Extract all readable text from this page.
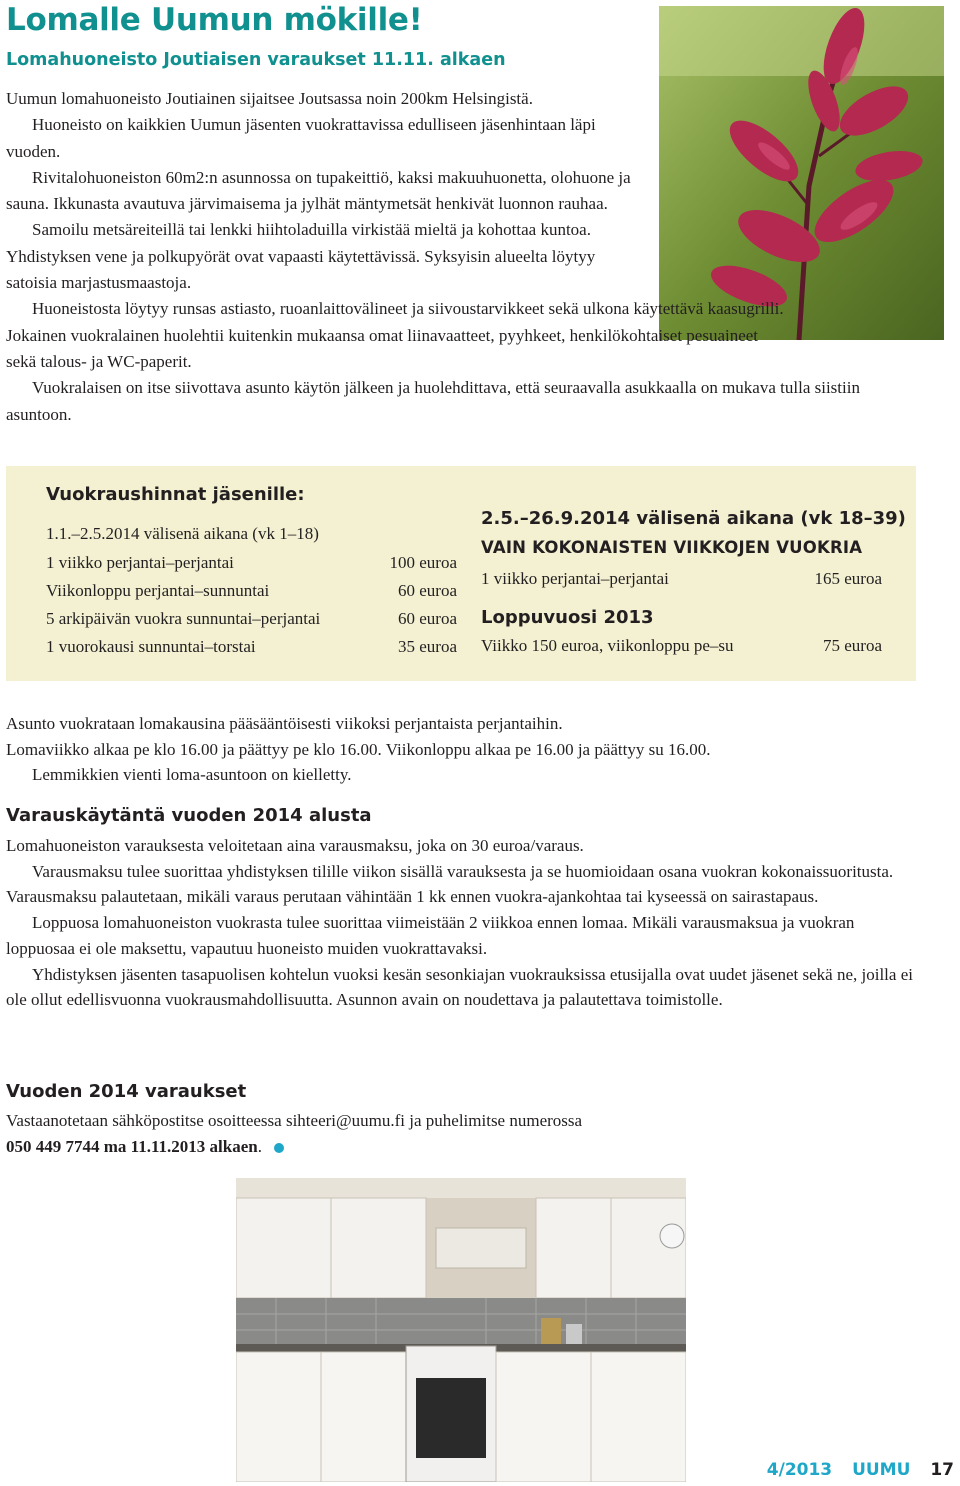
Lomalle Uumun mökille!
Lomahuoneisto Joutiaisen varaukset 11.11. alkaen

Uumun lomahuoneisto Joutiainen sijaitsee Joutsassa noin 200km Helsingistä.

Huoneisto on kaikkien Uumun jäsenten vuokrattavissa edulliseen jäsenhintaan läpi vuoden.

Rivitalohuoneiston 60m2:n asunnossa on tupakeittiö, kaksi makuuhuonetta, olohuone ja sauna. Ikkunasta avautuva järvimaisema ja jylhät mäntymetsät henkivät luonnon rauhaa.

Samoilu metsäreiteillä tai lenkki hiihtoladuilla virkistää mieltä ja kohottaa kuntoa. Yhdistyksen vene ja polkupyörät ovat vapaasti käytettävissä. Syksyisin alueelta löytyy satoisia marjastusmaastoja.

Huoneistosta löytyy runsas astiasto, ruoanlaittovälineet ja siivoustarvikkeet sekä ulkona käytettävä kaasugrilli. Jokainen vuokralainen huolehtii kuitenkin mukaansa omat liinavaatteet, pyyhkeet, henkilökohtaiset pesuaineet sekä talous- ja WC-paperit.

Vuokralaisen on itse siivottava asunto käytön jälkeen ja huolehdittava, että seuraavalla asukkaalla on mukava tulla siistiin asuntoon.

Vuokraushinnat jäsenille:
1.1.–2.5.2014 välisenä aikana (vk 1–18)
1 viikko perjantai–perjantai	100 euroa
Viikonloppu perjantai–sunnuntai	60 euroa
5 arkipäivän vuokra sunnuntai–perjantai	60 euroa
1 vuorokausi sunnuntai–torstai	35 euroa
2.5.–26.9.2014 välisenä aikana (vk 18–39)
VAIN KOKONAISTEN VIIKKOJEN VUOKRIA
1 viikko perjantai–perjantai	165 euroa
Loppuvuosi 2013
Viikko 150 euroa, viikonloppu pe–su	75 euroa

Asunto vuokrataan lomakausina pääsääntöisesti viikoksi perjantaista perjantaihin.

Lomaviikko alkaa pe klo 16.00 ja päättyy pe klo 16.00. Viikonloppu alkaa pe 16.00 ja päättyy su 16.00.

Lemmikkien vienti loma-asuntoon on kielletty.

Varauskäytäntä vuoden 2014 alusta

Lomahuoneiston varauksesta veloitetaan aina varausmaksu, joka on 30 euroa/varaus.

Varausmaksu tulee suorittaa yhdistyksen tilille viikon sisällä varauksesta ja se huomioidaan osana vuokran kokonaissuoritusta. Varausmaksu palautetaan, mikäli varaus perutaan vähintään 1 kk ennen vuokra-ajankohtaa tai kyseessä on sairastapaus.

Loppuosa lomahuoneiston vuokrasta tulee suorittaa viimeistään 2 viikkoa ennen lomaa. Mikäli varausmaksua ja vuokran loppuosaa ei ole maksettu, vapautuu huoneisto muiden vuokrattavaksi.

Yhdistyksen jäsenten tasapuolisen kohtelun vuoksi kesän sesonkiajan vuokrauksissa etusijalla ovat uudet jäsenet sekä ne, joilla ei ole ollut edellisvuonna vuokrausmahdollisuutta. Asunnon avain on noudettava ja palautettava toimistolle.

Vuoden 2014 varaukset

Vastaanotetaan sähköpostitse osoitteessa sihteeri@uumu.fi ja puhelimitse numerossa

050 449 7744 ma 11.11.2013 alkaen.

4/2013 UUMU 17
